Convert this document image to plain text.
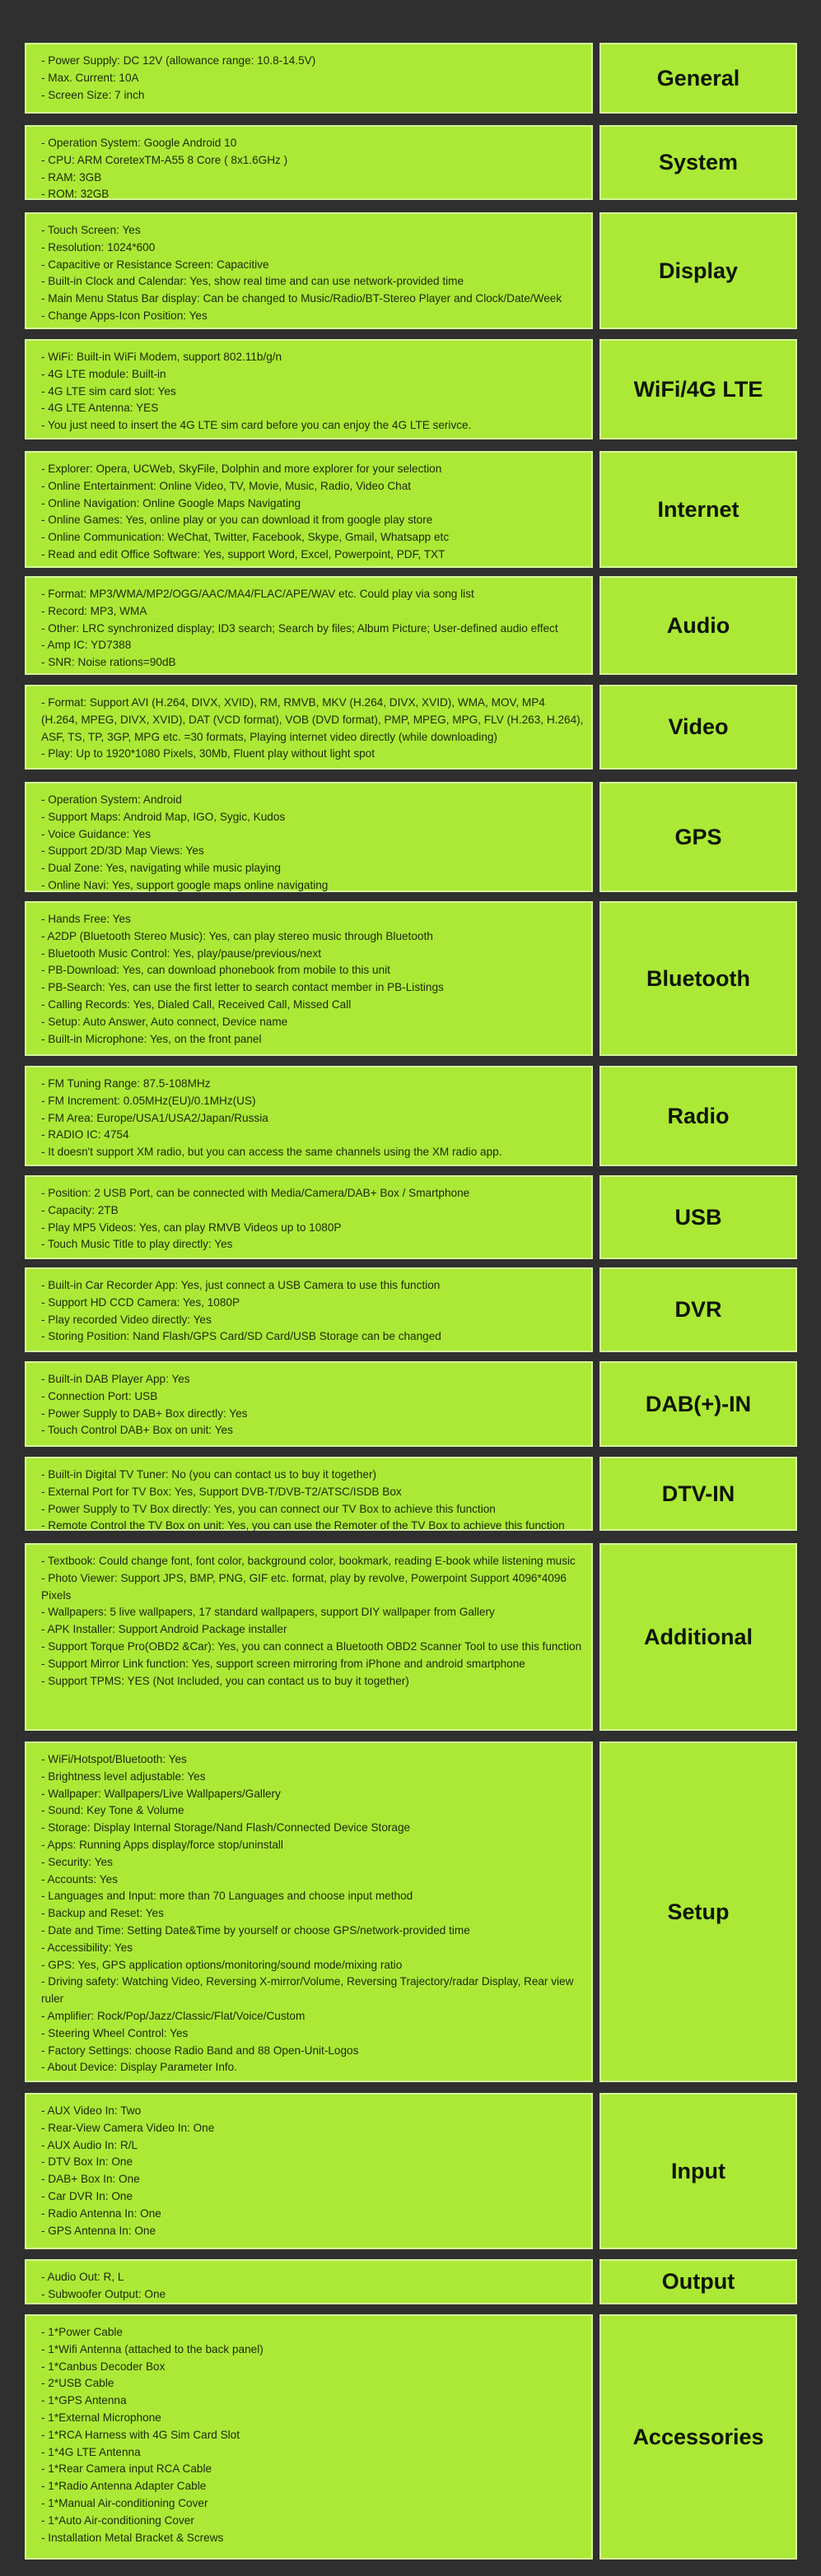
- Power Supply: DC 12V (allowance range: 10.8-14.5V)
- Max. Current: 10A
- Screen Size: 7 inch
General
- Operation System: Google Android 10
- CPU: ARM CoretexTM-A55 8 Core ( 8x1.6GHz )
- RAM: 3GB
- ROM: 32GB
System
- Touch Screen: Yes
- Resolution: 1024*600
- Capacitive or Resistance Screen: Capacitive
- Built-in Clock and Calendar: Yes, show real time and can use network-provided time
- Main Menu Status Bar display: Can be changed to Music/Radio/BT-Stereo Player and Clock/Date/Week
- Change Apps-Icon Position: Yes
Display
- WiFi: Built-in WiFi Modem, support 802.11b/g/n
- 4G LTE module: Built-in
- 4G LTE sim card slot: Yes
- 4G LTE Antenna: YES
- You just need to insert the 4G LTE sim card before you can enjoy the 4G LTE serivce.
WiFi/4G LTE
- Explorer: Opera, UCWeb, SkyFile, Dolphin and more explorer for your selection
- Online Entertainment: Online Video, TV, Movie, Music, Radio, Video Chat
- Online Navigation: Online Google Maps Navigating
- Online Games: Yes, online play or you can download it from google play store
- Online Communication: WeChat, Twitter, Facebook, Skype, Gmail, Whatsapp etc
- Read and edit Office Software: Yes, support Word, Excel, Powerpoint, PDF, TXT
Internet
- Format: MP3/WMA/MP2/OGG/AAC/MA4/FLAC/APE/WAV etc. Could play via song list
- Record: MP3, WMA
- Other: LRC synchronized display; ID3 search; Search by files; Album Picture; User-defined audio effect
- Amp IC: YD7388
- SNR: Noise rations=90dB
Audio
- Format: Support AVI (H.264, DIVX, XVID), RM, RMVB, MKV (H.264, DIVX, XVID), WMA, MOV, MP4 (H.264, MPEG, DIVX, XVID), DAT (VCD format), VOB (DVD format), PMP, MPEG, MPG, FLV (H.263, H.264), ASF, TS, TP, 3GP, MPG etc. =30 formats, Playing internet video directly (while downloading)
- Play: Up to 1920*1080 Pixels, 30Mb, Fluent play without light spot
Video
- Operation System: Android
- Support Maps: Android Map, IGO, Sygic, Kudos
- Voice Guidance: Yes
- Support 2D/3D Map Views: Yes
- Dual Zone: Yes, navigating while music playing
- Online Navi: Yes, support google maps online navigating
GPS
- Hands Free: Yes
- A2DP (Bluetooth Stereo Music): Yes, can play stereo music through Bluetooth
- Bluetooth Music Control: Yes, play/pause/previous/next
- PB-Download: Yes, can download phonebook from mobile to this unit
- PB-Search: Yes, can use the first letter to search contact member in PB-Listings
- Calling Records: Yes, Dialed Call, Received Call, Missed Call
- Setup: Auto Answer, Auto connect, Device name
- Built-in Microphone: Yes, on the front panel
Bluetooth
- FM Tuning Range: 87.5-108MHz
- FM Increment: 0.05MHz(EU)/0.1MHz(US)
- FM Area: Europe/USA1/USA2/Japan/Russia
- RADIO IC: 4754
- It doesn't support XM radio, but you can access the same channels using the XM radio app.
Radio
- Position: 2 USB Port, can be connected with Media/Camera/DAB+ Box / Smartphone
- Capacity: 2TB
- Play MP5 Videos: Yes, can play RMVB Videos up to 1080P
- Touch Music Title to play directly: Yes
USB
- Built-in Car Recorder App: Yes, just connect a USB Camera to use this function
- Support HD CCD Camera: Yes, 1080P
- Play recorded Video directly: Yes
- Storing Position: Nand Flash/GPS Card/SD Card/USB Storage can be changed
DVR
- Built-in DAB Player App: Yes
- Connection Port: USB
- Power Supply to DAB+ Box directly: Yes
- Touch Control DAB+ Box on unit: Yes
DAB(+)-IN
- Built-in Digital TV Tuner: No (you can contact us to buy it together)
- External Port for TV Box: Yes, Support DVB-T/DVB-T2/ATSC/ISDB Box
- Power Supply to TV Box directly: Yes, you can connect our TV Box to achieve this function
- Remote Control the TV Box on unit: Yes, you can use the Remoter of the TV Box to achieve this function
DTV-IN
- Textbook: Could change font, font color, background color, bookmark, reading E-book while listening music
- Photo Viewer: Support JPS, BMP, PNG, GIF etc. format, play by revolve, Powerpoint Support 4096*4096 Pixels
- Wallpapers: 5 live wallpapers, 17 standard wallpapers, support DIY wallpaper from Gallery
- APK Installer: Support Android Package installer
- Support Torque Pro(OBD2 &Car): Yes, you can connect a Bluetooth OBD2 Scanner Tool to use this function
- Support Mirror Link function: Yes, support screen mirroring from iPhone and android smartphone
- Support TPMS: YES (Not Included, you can contact us to buy it together)
Additional
- WiFi/Hotspot/Bluetooth: Yes
- Brightness level adjustable: Yes
- Wallpaper: Wallpapers/Live Wallpapers/Gallery
- Sound: Key Tone & Volume
- Storage: Display Internal Storage/Nand Flash/Connected Device Storage
- Apps: Running Apps display/force stop/uninstall
- Security: Yes
- Accounts: Yes
- Languages and Input: more than 70 Languages and choose input method
- Backup and Reset: Yes
- Date and Time: Setting Date&Time by yourself or choose GPS/network-provided time
- Accessibility: Yes
- GPS: Yes, GPS application options/monitoring/sound mode/mixing ratio
- Driving safety: Watching Video, Reversing X-mirror/Volume, Reversing Trajectory/radar Display, Rear view ruler
- Amplifier: Rock/Pop/Jazz/Classic/Flat/Voice/Custom
- Steering Wheel Control: Yes
- Factory Settings: choose Radio Band and 88 Open-Unit-Logos
- About Device: Display Parameter Info.
Setup
- AUX Video In: Two
- Rear-View Camera Video In: One
- AUX Audio In: R/L
- DTV Box In: One
- DAB+ Box In: One
- Car DVR In: One
- Radio Antenna In: One
- GPS Antenna In: One
Input
- Audio Out: R, L
- Subwoofer Output: One
Output
- 1*Power Cable
- 1*Wifi Antenna (attached to the back panel)
- 1*Canbus Decoder Box
- 2*USB Cable
- 1*GPS Antenna
- 1*External Microphone
- 1*RCA Harness with 4G Sim Card Slot
- 1*4G LTE Antenna
- 1*Rear Camera input RCA Cable
- 1*Radio Antenna Adapter Cable
- 1*Manual Air-conditioning Cover
- 1*Auto Air-conditioning Cover
- Installation Metal Bracket & Screws
Accessories
